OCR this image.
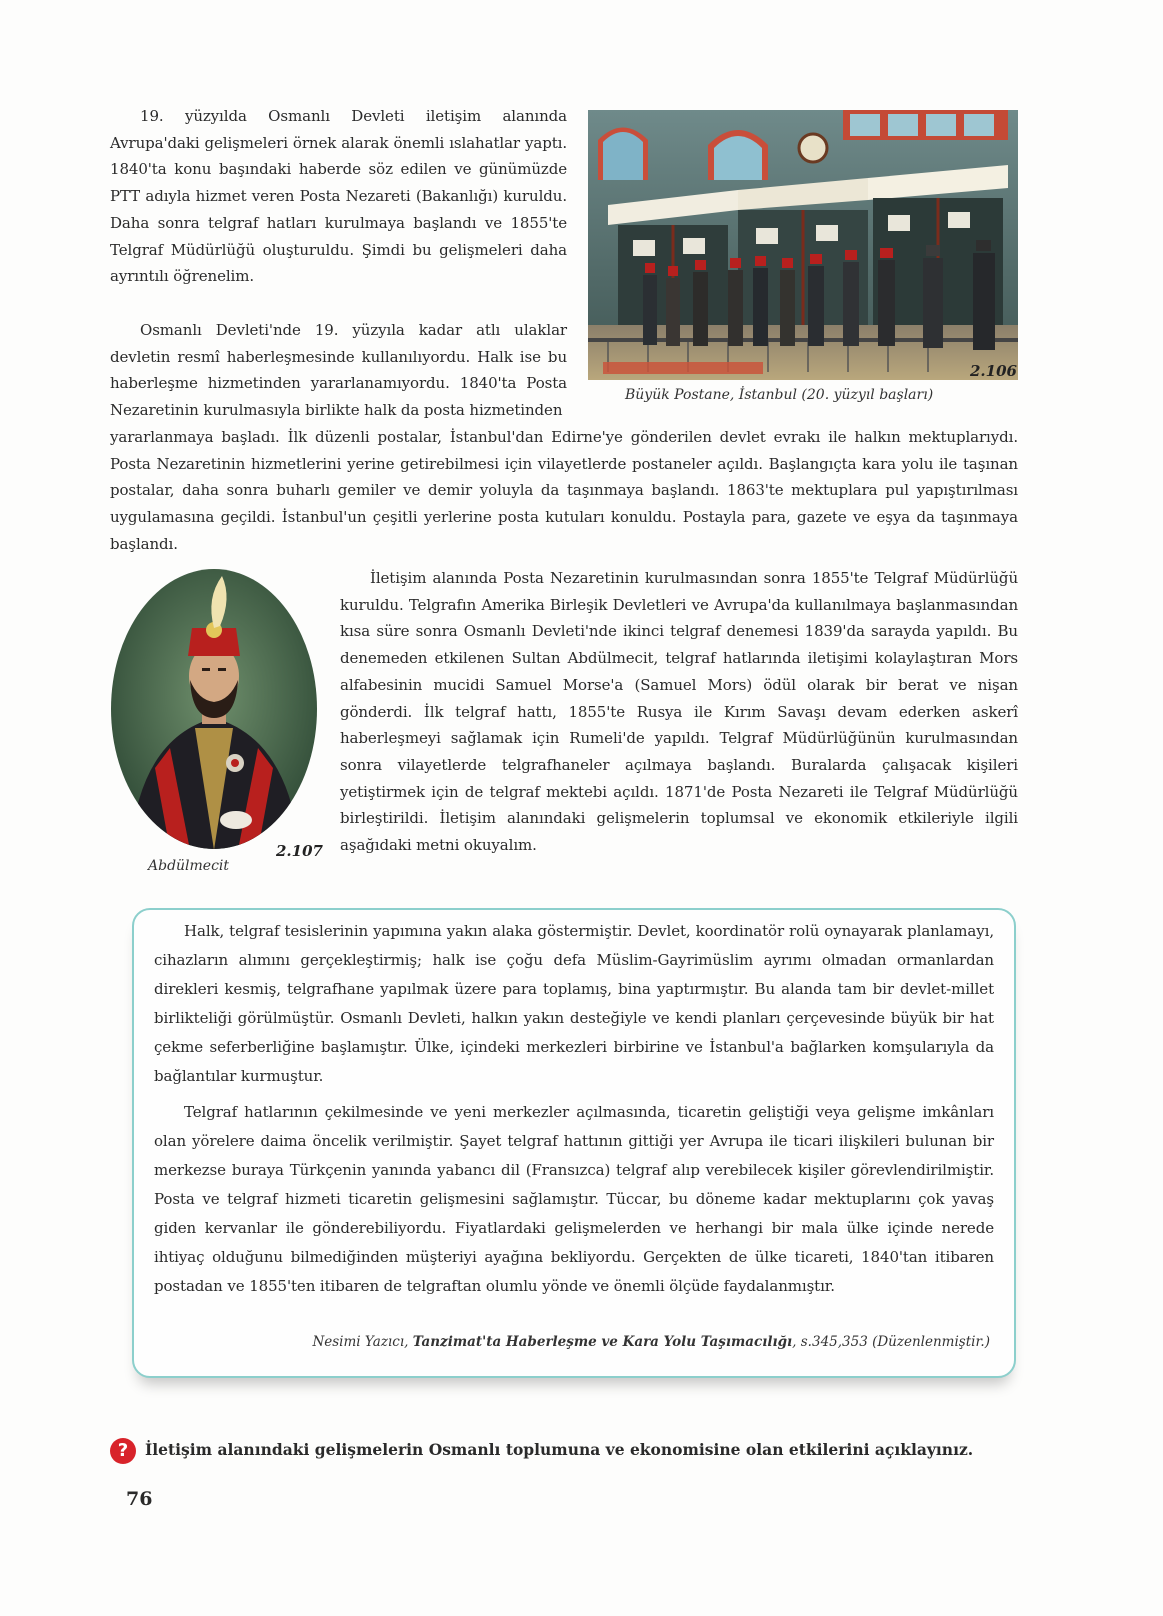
19. yüzyılda Osmanlı Devleti iletişim alanında Avrupa'daki gelişmeleri örnek alarak önemli ıslahatlar yaptı. 1840'ta konu başındaki haberde söz edilen ve günümüzde PTT adıyla hizmet veren Posta Nezareti (Bakanlığı) kuruldu. Daha sonra telgraf hatları kurulmaya başlandı ve 1855'te Telgraf Müdürlüğü oluşturuldu. Şimdi bu gelişmeleri daha ayrıntılı öğrenelim.

Osmanlı Devleti'nde 19. yüzyıla kadar atlı ulaklar devletin resmî haberleşmesinde kullanılıyordu. Halk ise bu haberleşme hizmetinden yararlanamıyordu. 1840'ta Posta Nezaretinin kurulmasıyla birlikte halk da posta hizmetinden

yararlanmaya başladı. İlk düzenli postalar, İstanbul'dan Edirne'ye gönderilen devlet evrakı ile halkın mektuplarıydı. Posta Nezaretinin hizmetlerini yerine getirebilmesi için vilayetlerde postaneler açıldı. Başlangıçta kara yolu ile taşınan postalar, daha sonra buharlı gemiler ve demir yoluyla da taşınmaya başlandı. 1863'te mektuplara pul yapıştırılması uygulamasına geçildi. İstanbul'un çeşitli yerlerine posta kutuları konuldu. Postayla para, gazete ve eşya da taşınmaya başlandı.

2.106
Büyük Postane, İstanbul (20. yüzyıl başları)
2.107
Abdülmecit

İletişim alanında Posta Nezaretinin kurulmasından sonra 1855'te Telgraf Müdürlüğü kuruldu. Telgrafın Amerika Birleşik Devletleri ve Avrupa'da kullanılmaya başlanmasından kısa süre sonra Osmanlı Devleti'nde ikinci telgraf denemesi 1839'da sarayda yapıldı. Bu denemeden etkilenen Sultan Abdülmecit, telgraf hatlarında iletişimi kolaylaştıran Mors alfabesinin mucidi Samuel Morse'a (Samuel Mors) ödül olarak bir berat ve nişan gönderdi. İlk telgraf hattı, 1855'te Rusya ile Kırım Savaşı devam ederken askerî haberleşmeyi sağlamak için Rumeli'de yapıldı. Telgraf Müdürlüğünün kurulmasından sonra vilayetlerde telgrafhaneler açılmaya başlandı. Buralarda çalışacak kişileri yetiştirmek için de telgraf mektebi açıldı. 1871'de Posta Nezareti ile Telgraf Müdürlüğü birleştirildi. İletişim alanındaki gelişmelerin toplumsal ve ekonomik etkileriyle ilgili aşağıdaki metni okuyalım.

Halk, telgraf tesislerinin yapımına yakın alaka göstermiştir. Devlet, koordinatör rolü oynayarak planlamayı, cihazların alımını gerçekleştirmiş; halk ise çoğu defa Müslim-Gayrimüslim ayrımı olmadan ormanlardan direkleri kesmiş, telgrafhane yapılmak üzere para toplamış, bina yaptırmıştır. Bu alanda tam bir devlet-millet birlikteliği görülmüştür. Osmanlı Devleti, halkın yakın desteğiyle ve kendi planları çerçevesinde büyük bir hat çekme seferberliğine başlamıştır. Ülke, içindeki merkezleri birbirine ve İstanbul'a bağlarken komşularıyla da bağlantılar kurmuştur.

Telgraf hatlarının çekilmesinde ve yeni merkezler açılmasında, ticaretin geliştiği veya gelişme imkânları olan yörelere daima öncelik verilmiştir. Şayet telgraf hattının gittiği yer Avrupa ile ticari ilişkileri bulunan bir merkezse buraya Türkçenin yanında yabancı dil (Fransızca) telgraf alıp verebilecek kişiler görevlendirilmiştir. Posta ve telgraf hizmeti ticaretin gelişmesini sağlamıştır. Tüccar, bu döneme kadar mektuplarını çok yavaş giden kervanlar ile gönderebiliyordu. Fiyatlardaki gelişmelerden ve herhangi bir mala ülke içinde nerede ihtiyaç olduğunu bilmediğinden müşteriyi ayağına bekliyordu. Gerçekten de ülke ticareti, 1840'tan itibaren postadan ve 1855'ten itibaren de telgraftan olumlu yönde ve önemli ölçüde faydalanmıştır.

Nesimi Yazıcı, Tanzimat'ta Haberleşme ve Kara Yolu Taşımacılığı, s.345,353 (Düzenlenmiştir.)
?	İletişim alanındaki gelişmelerin Osmanlı toplumuna ve ekonomisine olan etkilerini açıklayınız.
76
